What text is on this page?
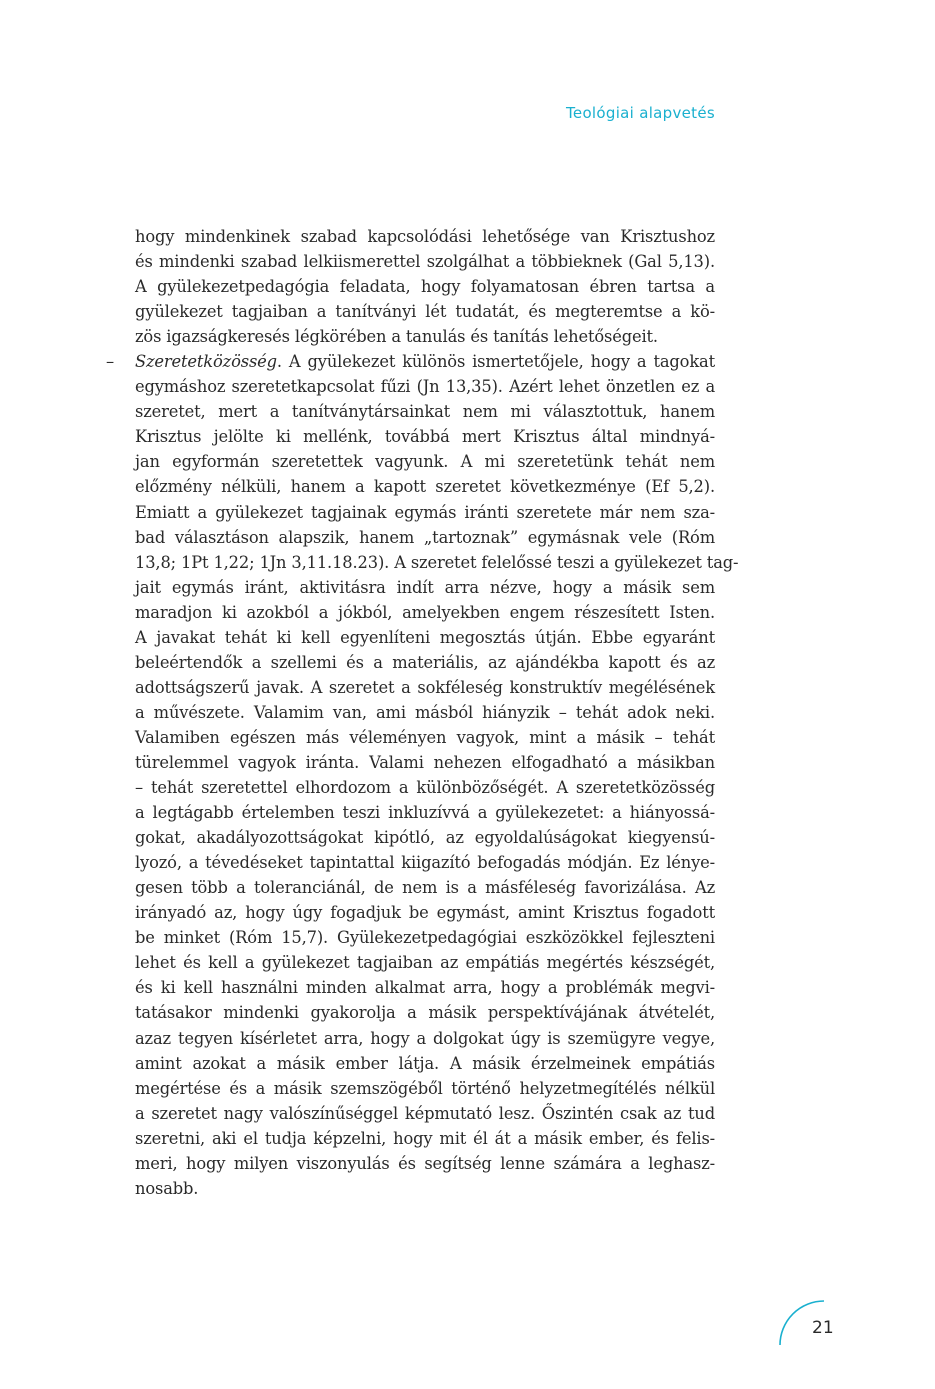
Teológiai alapvetés
–
hogy mindenkinek szabad kapcsolódási lehetősége van Krisztushoz
és mindenki szabad lelkiismerettel szolgálhat a többieknek (Gal 5,13).
A gyülekezetpedagógia feladata, hogy folyamatosan ébren tartsa a
gyülekezet tagjaiban a tanítványi lét tudatát, és megteremtse a kö-
zös igazságkeresés légkörében a tanulás és tanítás lehetőségeit.
Szeretetközösség. A gyülekezet különös ismertetőjele, hogy a tagokat
egymáshoz szeretetkapcsolat fűzi (Jn 13,35). Azért lehet önzetlen ez a
szeretet, mert a tanítványtársainkat nem mi választottuk, hanem
Krisztus jelölte ki mellénk, továbbá mert Krisztus által mindnyá-
jan egyformán szeretettek vagyunk. A mi szeretetünk tehát nem
előzmény nélküli, hanem a kapott szeretet következménye (Ef 5,2).
Emiatt a gyülekezet tagjainak egymás iránti szeretete már nem sza-
bad választáson alapszik, hanem „tartoznak” egymásnak vele (Róm
13,8; 1Pt 1,22; 1Jn 3,11.18.23). A szeretet felelőssé teszi a gyülekezet tag-
jait egymás iránt, aktivitásra indít arra nézve, hogy a másik sem
maradjon ki azokból a jókból, amelyekben engem részesített Isten.
A javakat tehát ki kell egyenlíteni megosztás útján. Ebbe egyaránt
beleértendők a szellemi és a materiális, az ajándékba kapott és az
adottságszerű javak. A szeretet a sokféleség konstruktív megélésének
a művészete. Valamim van, ami másból hiányzik – tehát adok neki.
Valamiben egészen más véleményen vagyok, mint a másik – tehát
türelemmel vagyok iránta. Valami nehezen elfogadható a másikban
– tehát szeretettel elhordozom a különbözőségét. A szeretetközösség
a legtágabb értelemben teszi inkluzívvá a gyülekezetet: a hiányossá-
gokat, akadályozottságokat kipótló, az egyoldalúságokat kiegyensú-
lyozó, a tévedéseket tapintattal kiigazító befogadás módján. Ez lénye-
gesen több a toleranciánál, de nem is a másféleség favorizálása. Az
irányadó az, hogy úgy fogadjuk be egymást, amint Krisztus fogadott
be minket (Róm 15,7). Gyülekezetpedagógiai eszközökkel fejleszteni
lehet és kell a gyülekezet tagjaiban az empátiás megértés készségét,
és ki kell használni minden alkalmat arra, hogy a problémák megvi-
tatásakor mindenki gyakorolja a másik perspektívájának átvételét,
azaz tegyen kísérletet arra, hogy a dolgokat úgy is szemügyre vegye,
amint azokat a másik ember látja. A másik érzelmeinek empátiás
megértése és a másik szemszögéből történő helyzetmegítélés nélkül
a szeretet nagy valószínűséggel képmutató lesz. Őszintén csak az tud
szeretni, aki el tudja képzelni, hogy mit él át a másik ember, és felis-
meri, hogy milyen viszonyulás és segítség lenne számára a leghasz-
nosabb.
21
